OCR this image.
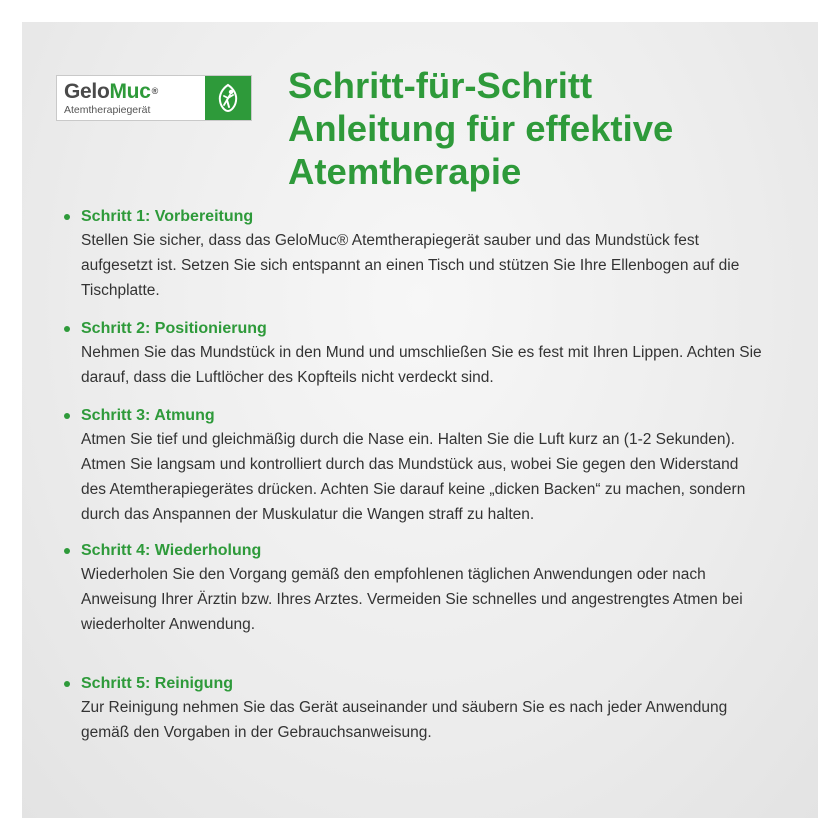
GeloMuc®
Atemtherapiegerät
Schritt-für-Schritt
Anleitung für effektive
Atemtherapie
Schritt 1: Vorbereitung
Stellen Sie sicher, dass das GeloMuc® Atemtherapiegerät sauber und das Mundstück fest aufgesetzt ist. Setzen Sie sich entspannt an einen Tisch und stützen Sie Ihre Ellenbogen auf die Tischplatte.
Schritt 2: Positionierung
Nehmen Sie das Mundstück in den Mund und umschließen Sie es fest mit Ihren Lippen. Achten Sie darauf, dass die Luftlöcher des Kopfteils nicht verdeckt sind.
Schritt 3: Atmung
Atmen Sie tief und gleichmäßig durch die Nase ein. Halten Sie die Luft kurz an (1-2 Sekunden). Atmen Sie langsam und kontrolliert durch das Mundstück aus, wobei Sie gegen den Widerstand des Atemtherapiegerätes drücken. Achten Sie darauf keine „dicken Backen“ zu machen, sondern durch das Anspannen der Muskulatur die Wangen straff zu halten.
Schritt 4: Wiederholung
Wiederholen Sie den Vorgang gemäß den empfohlenen täglichen Anwendungen oder nach Anweisung Ihrer Ärztin bzw. Ihres Arztes. Vermeiden Sie schnelles und angestrengtes Atmen bei wiederholter Anwendung.
Schritt 5: Reinigung
Zur Reinigung nehmen Sie das Gerät auseinander und säubern Sie es nach jeder Anwendung gemäß den Vorgaben in der Gebrauchsanweisung.
